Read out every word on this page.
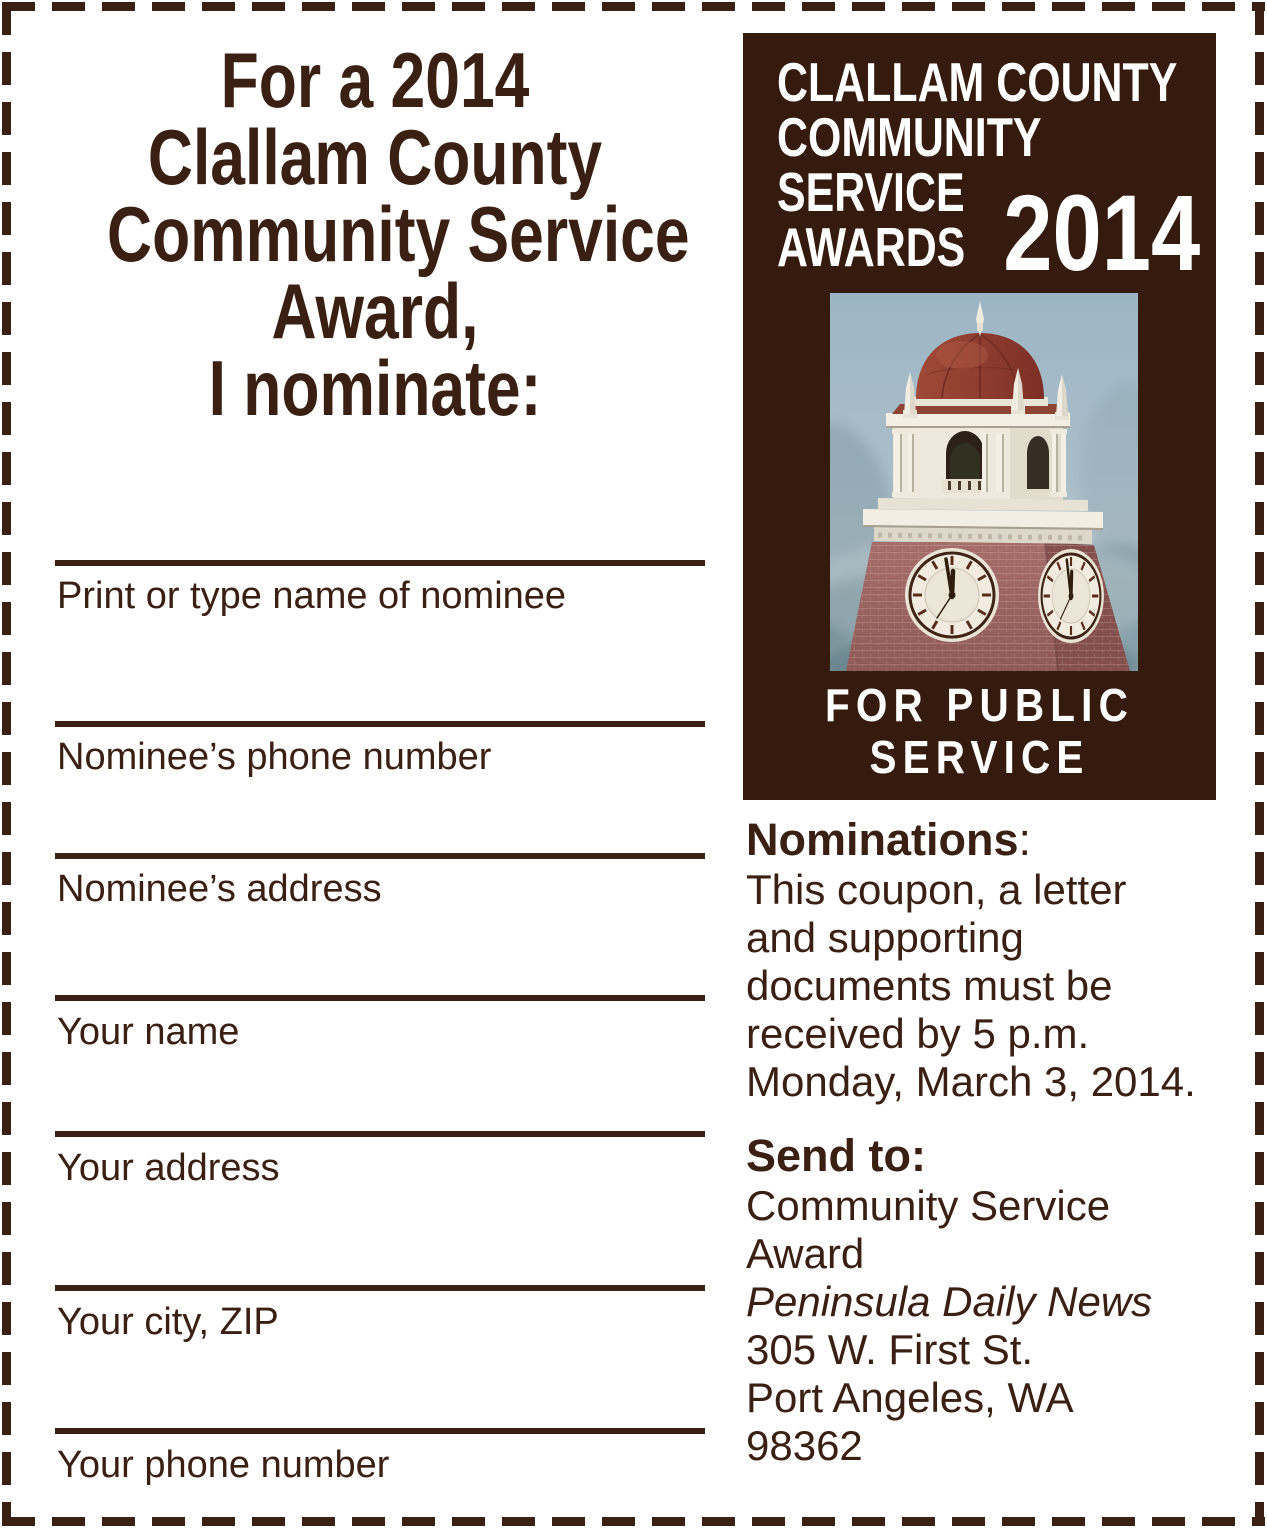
For a 2014
Clallam County
Community Service
Award,
I nominate:
Print or type name of nominee
Nominee’s phone number
Nominee’s address
Your name
Your address
Your city, ZIP
Your phone number
CLALLAM COUNTY
COMMUNITY
SERVICE
AWARDS 2014
FOR PUBLIC
SERVICE
Nominations:
This coupon, a letter
and supporting
documents must be
received by 5 p.m.
Monday, March 3, 2014.
Send to:
Community Service
Award
Peninsula Daily News
305 W. First St.
Port Angeles, WA
98362
